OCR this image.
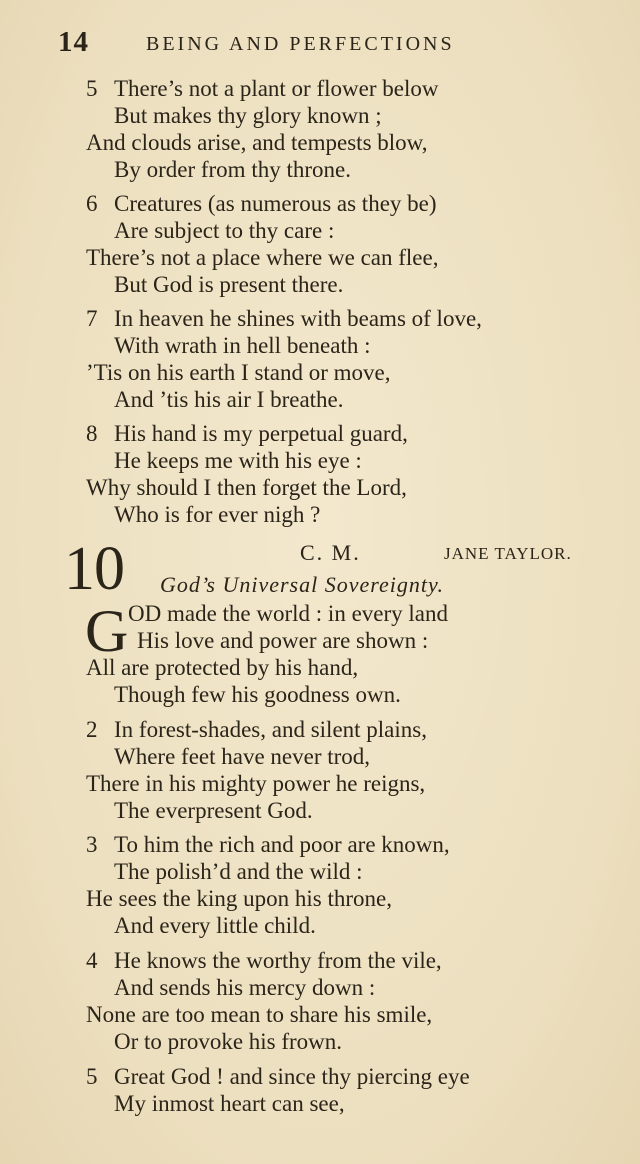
14	BEING AND PERFECTIONS
5 There’s not a plant or flower below
But makes thy glory known ;
And clouds arise, and tempests blow,
By order from thy throne.
6 Creatures (as numerous as they be)
Are subject to thy care :
There’s not a place where we can flee,
But God is present there.
7 In heaven he shines with beams of love,
With wrath in hell beneath :
’Tis on his earth I stand or move,
And ’tis his air I breathe.
8 His hand is my perpetual guard,
He keeps me with his eye :
Why should I then forget the Lord,
Who is for ever nigh ?
10	C. M.	JANE TAYLOR.
God’s Universal Sovereignty.
G OD made the world : in every land
His love and power are shown :
All are protected by his hand,
Though few his goodness own.
2 In forest-shades, and silent plains,
Where feet have never trod,
There in his mighty power he reigns,
The everpresent God.
3 To him the rich and poor are known,
The polish’d and the wild :
He sees the king upon his throne,
And every little child.
4 He knows the worthy from the vile,
And sends his mercy down :
None are too mean to share his smile,
Or to provoke his frown.
5 Great God ! and since thy piercing eye
My inmost heart can see,
